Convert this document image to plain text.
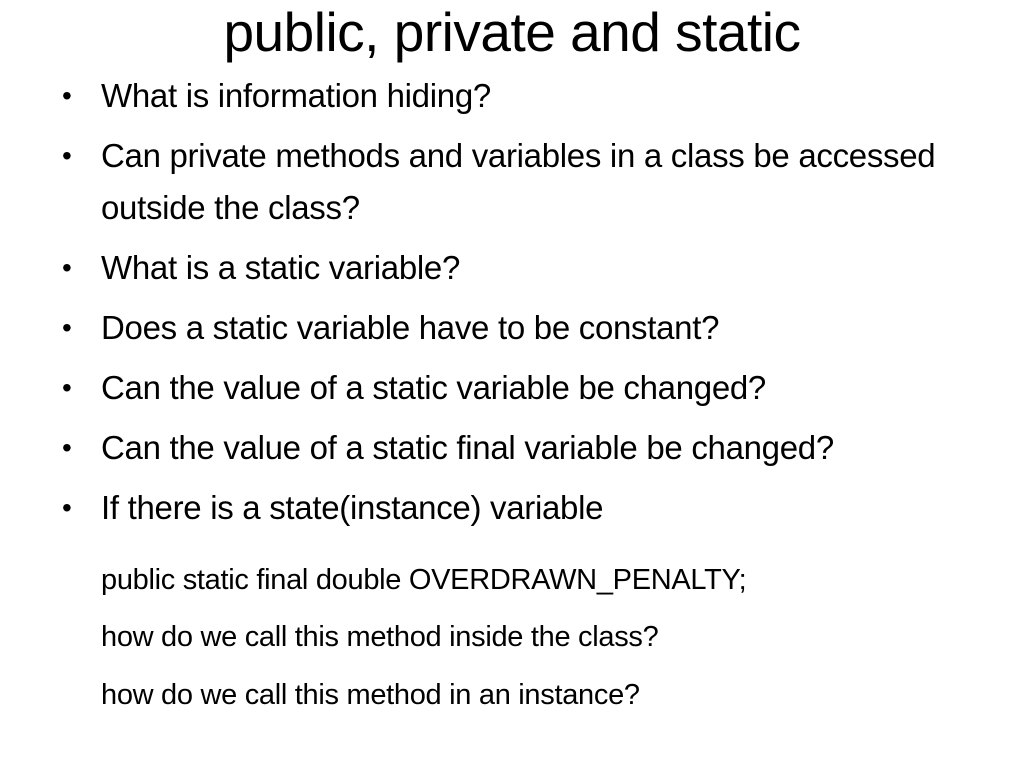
public, private and static
• What is information hiding?
• Can private methods and variables in a class be accessed outside the class?
• What is a static variable?
• Does a static variable have to be constant?
• Can the value of a static variable be changed?
• Can the value of a static final variable be changed?
• If there is a state(instance) variable

public static final double OVERDRAWN_PENALTY;

how do we call this method inside the class?

how do we call this method in an instance?
